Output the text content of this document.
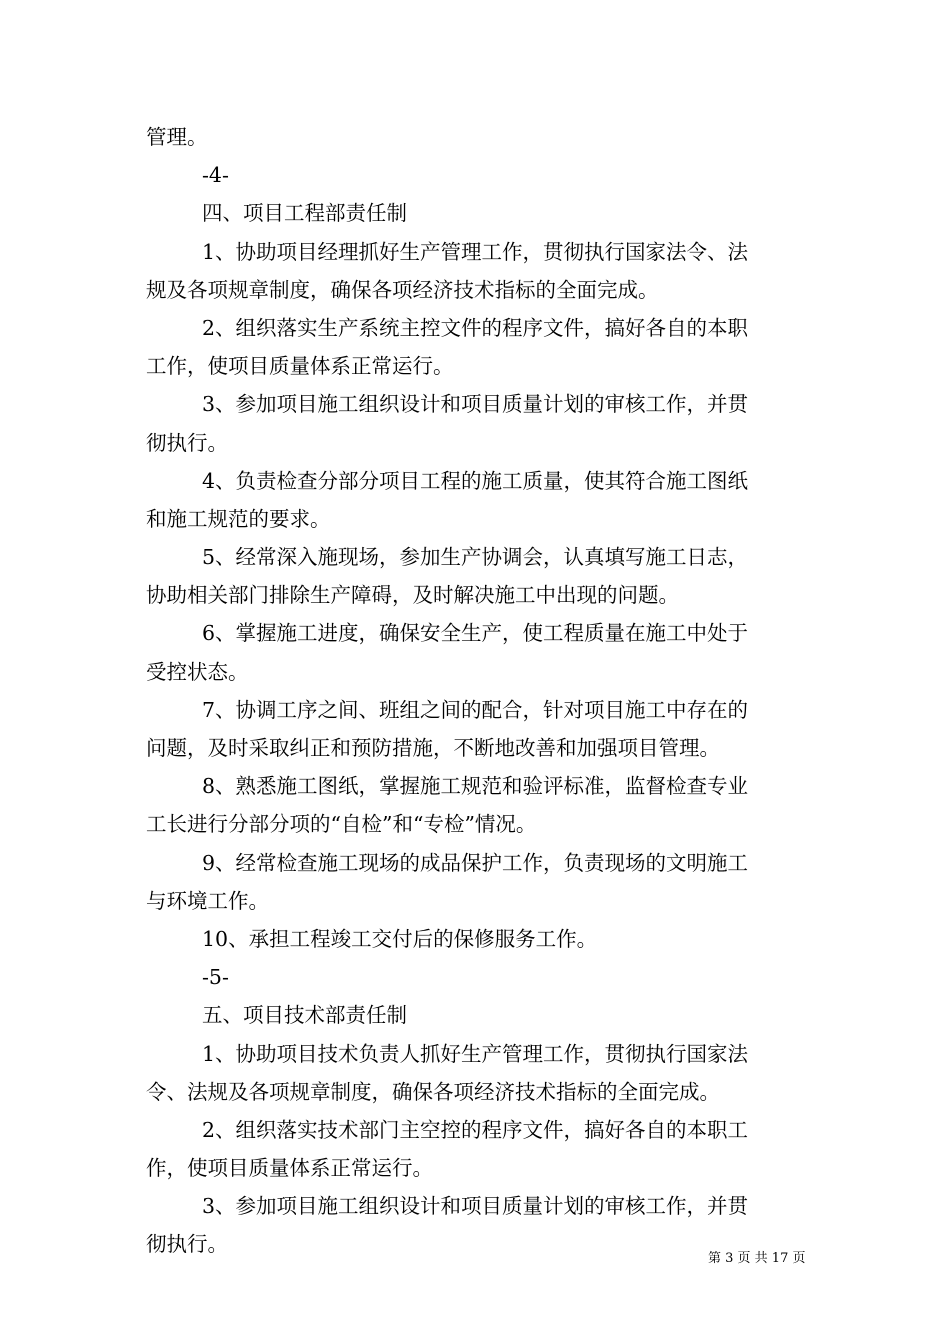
管理。
-4-
四、项目工程部责任制
1、协助项目经理抓好生产管理工作，贯彻执行国家法令、法
规及各项规章制度，确保各项经济技术指标的全面完成。
2、组织落实生产系统主控文件的程序文件，搞好各自的本职
工作，使项目质量体系正常运行。
3、参加项目施工组织设计和项目质量计划的审核工作，并贯
彻执行。
4、负责检查分部分项目工程的施工质量，使其符合施工图纸
和施工规范的要求。
5、经常深入施现场，参加生产协调会，认真填写施工日志，
协助相关部门排除生产障碍，及时解决施工中出现的问题。
6、掌握施工进度，确保安全生产，使工程质量在施工中处于
受控状态。
7、协调工序之间、班组之间的配合，针对项目施工中存在的
问题，及时采取纠正和预防措施，不断地改善和加强项目管理。
8、熟悉施工图纸，掌握施工规范和验评标准，监督检查专业
工长进行分部分项的“自检”和“专检”情况。
9、经常检查施工现场的成品保护工作，负责现场的文明施工
与环境工作。
10、承担工程竣工交付后的保修服务工作。
-5-
五、项目技术部责任制
1、协助项目技术负责人抓好生产管理工作，贯彻执行国家法
令、法规及各项规章制度，确保各项经济技术指标的全面完成。
2、组织落实技术部门主空控的程序文件，搞好各自的本职工
作，使项目质量体系正常运行。
3、参加项目施工组织设计和项目质量计划的审核工作，并贯
彻执行。
第 3 页 共 17 页
